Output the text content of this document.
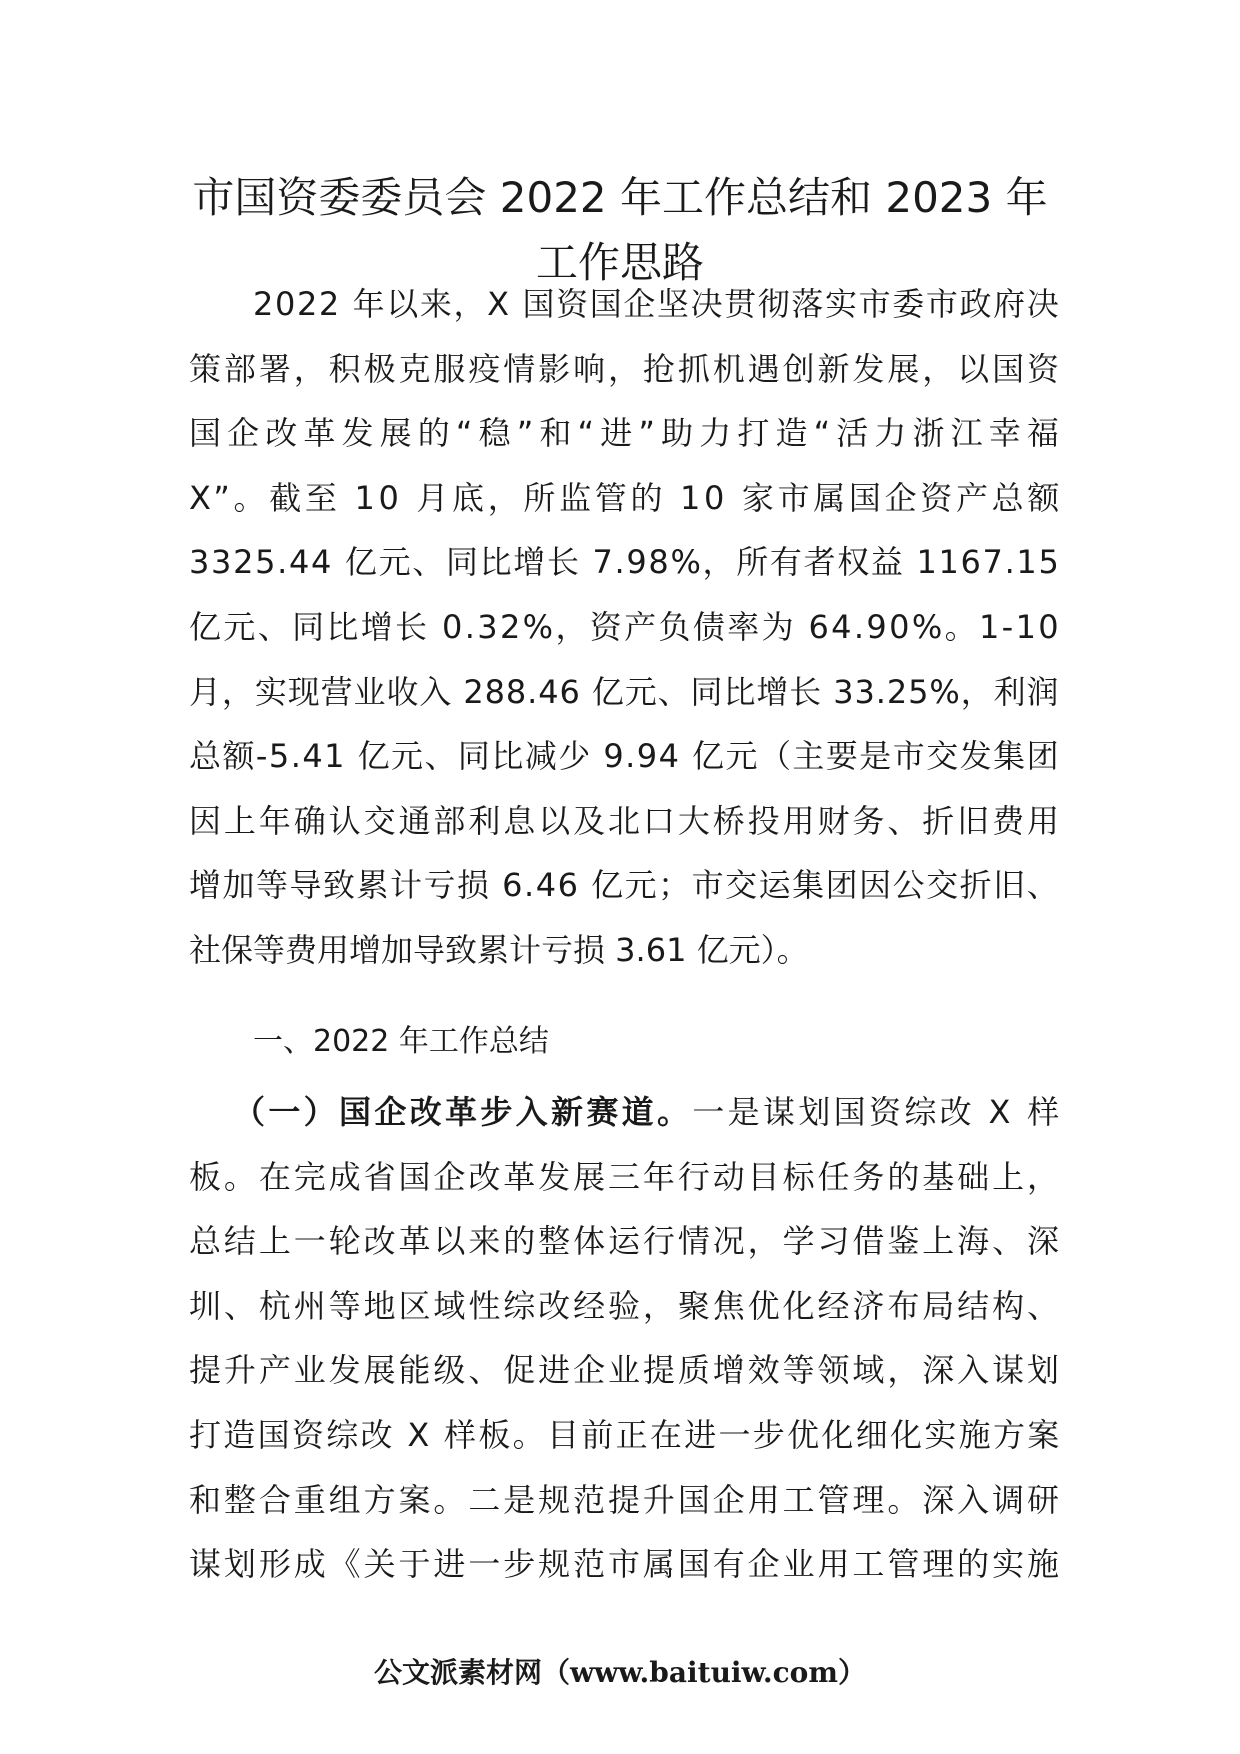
市国资委委员会 2022 年工作总结和 2023 年
工作思路
2022 年以来，X 国资国企坚决贯彻落实市委市政府决
策部署，积极克服疫情影响，抢抓机遇创新发展，以国资
国企改革发展的“稳”和“进”助力打造“活力浙江幸福
X”。截至 10 月底，所监管的 10 家市属国企资产总额
3325.44 亿元、同比增长 7.98%，所有者权益 1167.15
亿元、同比增长 0.32%，资产负债率为 64.90%。1-10
月，实现营业收入 288.46 亿元、同比增长 33.25%，利润
总额-5.41 亿元、同比减少 9.94 亿元（主要是市交发集团
因上年确认交通部利息以及北口大桥投用财务、折旧费用
增加等导致累计亏损 6.46 亿元；市交运集团因公交折旧、
社保等费用增加导致累计亏损 3.61 亿元）。

一、2022 年工作总结

（一）国企改革步入新赛道。一是谋划国资综改 X 样
板。在完成省国企改革发展三年行动目标任务的基础上，
总结上一轮改革以来的整体运行情况，学习借鉴上海、深
圳、杭州等地区域性综改经验，聚焦优化经济布局结构、
提升产业发展能级、促进企业提质增效等领域，深入谋划
打造国资综改 X 样板。目前正在进一步优化细化实施方案
和整合重组方案。二是规范提升国企用工管理。深入调研
谋划形成《关于进一步规范市属国有企业用工管理的实施
公文派素材网（www.baituiw.com）
